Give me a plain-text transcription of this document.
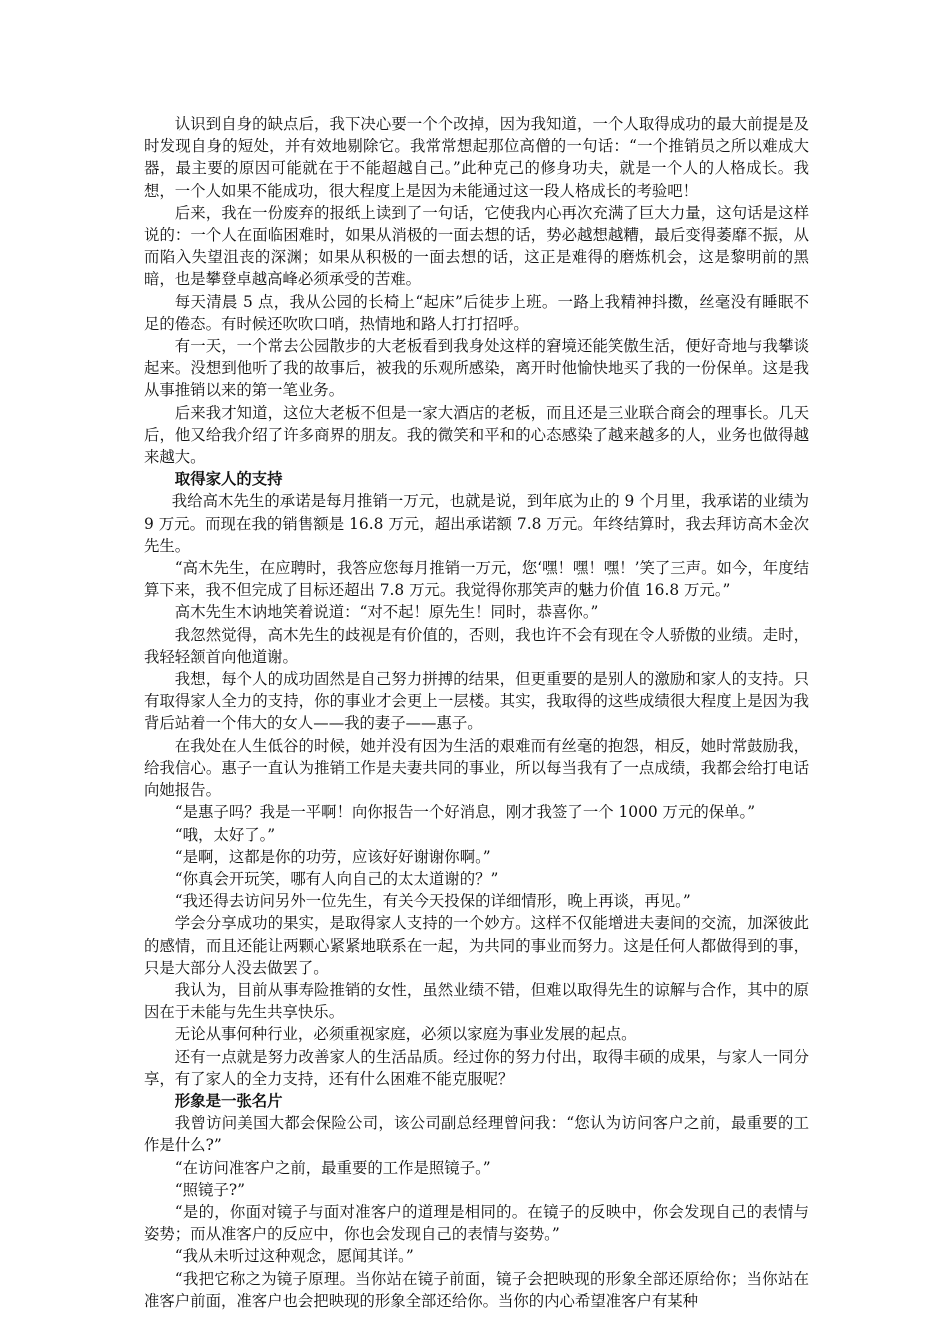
认识到自身的缺点后，我下决心要一个个改掉，因为我知道，一个人取得成功的最大前提是及时发现自身的短处，并有效地剔除它。我常常想起那位高僧的一句话：“一个推销员之所以难成大器，最主要的原因可能就在于不能超越自己。”此种克己的修身功夫，就是一个人的人格成长。我想，一个人如果不能成功，很大程度上是因为未能通过这一段人格成长的考验吧！

后来，我在一份废弃的报纸上读到了一句话，它使我内心再次充满了巨大力量，这句话是这样说的：一个人在面临困难时，如果从消极的一面去想的话，势必越想越糟，最后变得萎靡不振，从而陷入失望沮丧的深渊；如果从积极的一面去想的话，这正是难得的磨炼机会，这是黎明前的黑暗，也是攀登卓越高峰必须承受的苦难。

每天清晨 5 点，我从公园的长椅上“起床”后徒步上班。一路上我精神抖擞，丝毫没有睡眠不足的倦态。有时候还吹吹口哨，热情地和路人打打招呼。

有一天，一个常去公园散步的大老板看到我身处这样的窘境还能笑傲生活，便好奇地与我攀谈起来。没想到他听了我的故事后，被我的乐观所感染，离开时他愉快地买了我的一份保单。这是我从事推销以来的第一笔业务。

后来我才知道，这位大老板不但是一家大酒店的老板，而且还是三业联合商会的理事长。几天后，他又给我介绍了许多商界的朋友。我的微笑和平和的心态感染了越来越多的人，业务也做得越来越大。

取得家人的支持

我给高木先生的承诺是每月推销一万元，也就是说，到年底为止的 9 个月里，我承诺的业绩为 9 万元。而现在我的销售额是 16.8 万元，超出承诺额 7.8 万元。年终结算时，我去拜访高木金次先生。

“高木先生，在应聘时，我答应您每月推销一万元，您‘嘿！嘿！嘿！’笑了三声。如今，年度结算下来，我不但完成了目标还超出 7.8 万元。我觉得你那笑声的魅力价值 16.8 万元。”

高木先生木讷地笑着说道：“对不起！原先生！同时，恭喜你。”

我忽然觉得，高木先生的歧视是有价值的，否则，我也许不会有现在令人骄傲的业绩。走时，我轻轻颔首向他道谢。

我想，每个人的成功固然是自己努力拼搏的结果，但更重要的是别人的激励和家人的支持。只有取得家人全力的支持，你的事业才会更上一层楼。其实，我取得的这些成绩很大程度上是因为我背后站着一个伟大的女人——我的妻子——惠子。

在我处在人生低谷的时候，她并没有因为生活的艰难而有丝毫的抱怨，相反，她时常鼓励我，给我信心。惠子一直认为推销工作是夫妻共同的事业，所以每当我有了一点成绩，我都会给打电话向她报告。

“是惠子吗？我是一平啊！向你报告一个好消息，刚才我签了一个 1000 万元的保单。”

“哦，太好了。”

“是啊，这都是你的功劳，应该好好谢谢你啊。”

“你真会开玩笑，哪有人向自己的太太道谢的？”

“我还得去访问另外一位先生，有关今天投保的详细情形，晚上再谈，再见。”

学会分享成功的果实，是取得家人支持的一个妙方。这样不仅能增进夫妻间的交流，加深彼此的感情，而且还能让两颗心紧紧地联系在一起，为共同的事业而努力。这是任何人都做得到的事，只是大部分人没去做罢了。

我认为，目前从事寿险推销的女性，虽然业绩不错，但难以取得先生的谅解与合作，其中的原因在于未能与先生共享快乐。

无论从事何种行业，必须重视家庭，必须以家庭为事业发展的起点。

还有一点就是努力改善家人的生活品质。经过你的努力付出，取得丰硕的成果，与家人一同分享，有了家人的全力支持，还有什么困难不能克服呢？

形象是一张名片

我曾访问美国大都会保险公司，该公司副总经理曾问我：“您认为访问客户之前，最重要的工作是什么?”

“在访问准客户之前，最重要的工作是照镜子。”

“照镜子?”

“是的，你面对镜子与面对准客户的道理是相同的。在镜子的反映中，你会发现自己的表情与姿势；而从准客户的反应中，你也会发现自己的表情与姿势。”

“我从未听过这种观念，愿闻其详。”

“我把它称之为镜子原理。当你站在镜子前面，镜子会把映现的形象全部还原给你；当你站在准客户前面，准客户也会把映现的形象全部还给你。当你的内心希望准客户有某种
